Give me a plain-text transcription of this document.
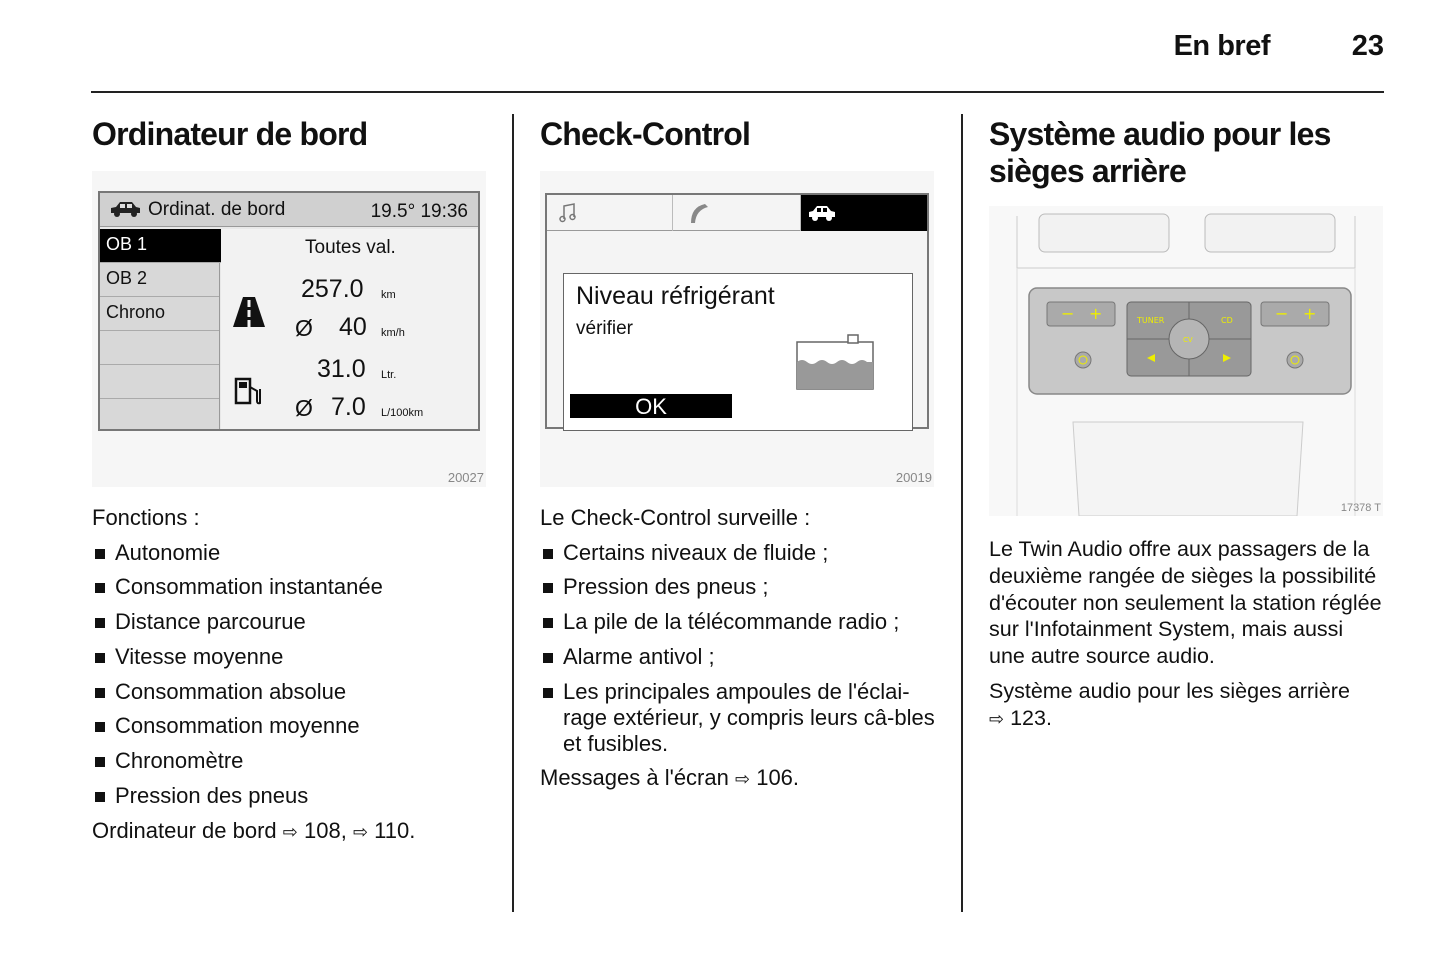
En bref	23
Ordinateur de bord
Ordinat. de bord	19.5° 19:36
OB 1
OB 2
Chrono
Toutes val.
257.0 km
Ø 40 km/h
31.0 Ltr.
Ø 7.0 L/100km
20027
Fonctions :
Autonomie
Consommation instantanée
Distance parcourue
Vitesse moyenne
Consommation absolue
Consommation moyenne
Chronomètre
Pression des pneus

Ordinateur de bord ⇨ 108, ⇨ 110.

Check-Control
Niveau réfrigérant
vérifier
OK
20019
Le Check-Control surveille :
Certains niveaux de fluide ;
Pression des pneus ;
La pile de la télécommande radio ;
Alarme antivol ;
Les principales ampoules de l'éclai-rage extérieur, y compris leurs câ-bles et fusibles.

Messages à l'écran ⇨ 106.

Système audio pour les sièges arrière
− +	− +
TUNER	CD
CV
17378 T

Le Twin Audio offre aux passagers de la deuxième rangée de sièges la possibilité d'écouter non seulement la station réglée sur l'Infotainment System, mais aussi une autre source audio.

Système audio pour les sièges arrière
⇨ 123.
